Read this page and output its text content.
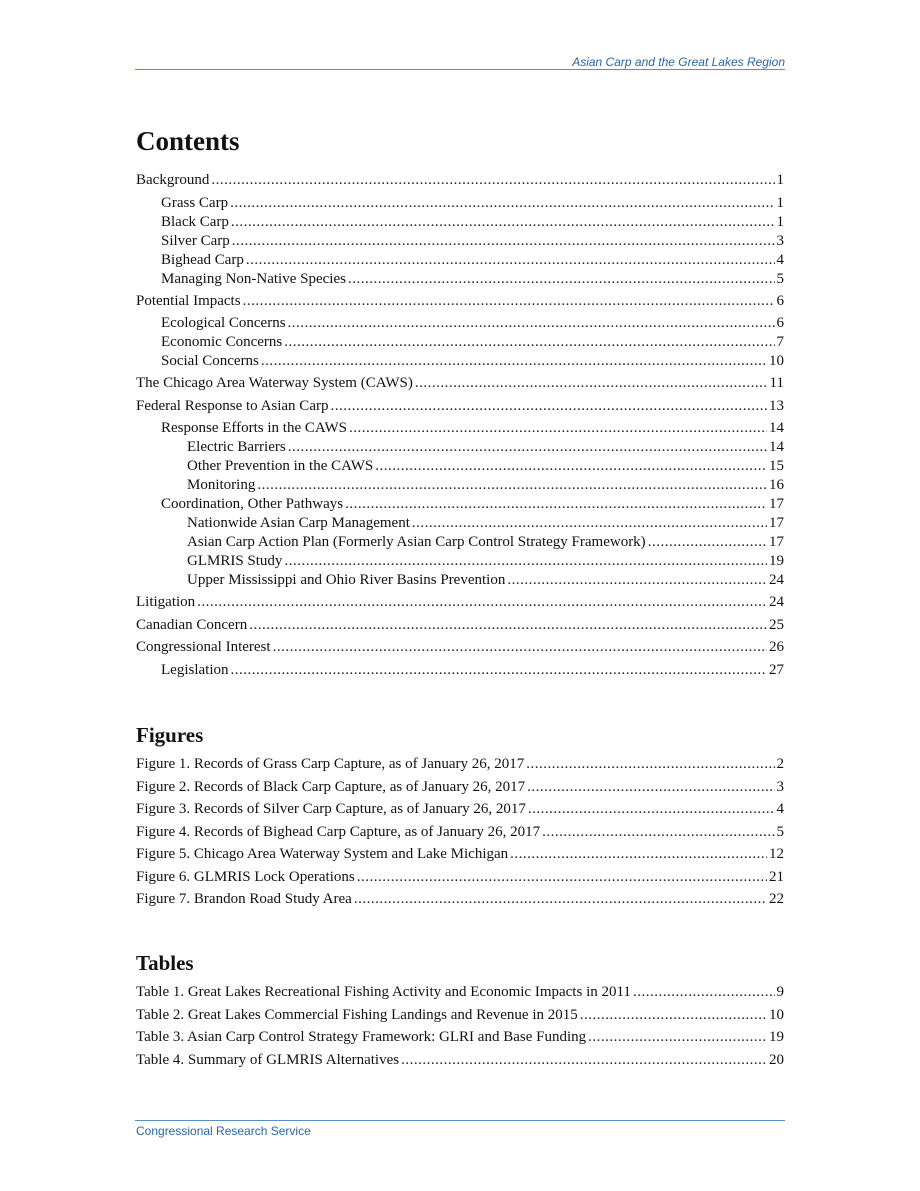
Asian Carp and the Great Lakes Region
Contents
Background .....	1
Grass Carp .....	1
Black Carp .....	1
Silver Carp .....	3
Bighead Carp .....	4
Managing Non-Native Species .....	5
Potential Impacts .....	6
Ecological Concerns .....	6
Economic Concerns .....	7
Social Concerns .....	10
The Chicago Area Waterway System (CAWS) .....	11
Federal Response to Asian Carp .....	13
Response Efforts in the CAWS .....	14
Electric Barriers .....	14
Other Prevention in the CAWS .....	15
Monitoring .....	16
Coordination, Other Pathways .....	17
Nationwide Asian Carp Management .....	17
Asian Carp Action Plan (Formerly Asian Carp Control Strategy Framework) .....	17
GLMRIS Study .....	19
Upper Mississippi and Ohio River Basins Prevention .....	24
Litigation .....	24
Canadian Concern .....	25
Congressional Interest .....	26
Legislation .....	27
Figures
Figure 1. Records of Grass Carp Capture, as of January 26, 2017 .....	2
Figure 2. Records of Black Carp Capture, as of January 26, 2017 .....	3
Figure 3. Records of Silver Carp Capture, as of January 26, 2017 .....	4
Figure 4. Records of Bighead Carp Capture, as of January 26, 2017 .....	5
Figure 5. Chicago Area Waterway System and Lake Michigan .....	12
Figure 6. GLMRIS Lock Operations .....	21
Figure 7. Brandon Road Study Area .....	22
Tables
Table 1. Great Lakes Recreational Fishing Activity and Economic Impacts in 2011 .....	9
Table 2. Great Lakes Commercial Fishing Landings and Revenue in 2015 .....	10
Table 3. Asian Carp Control Strategy Framework: GLRI and Base Funding .....	19
Table 4. Summary of GLMRIS Alternatives .....	20
Congressional Research Service
